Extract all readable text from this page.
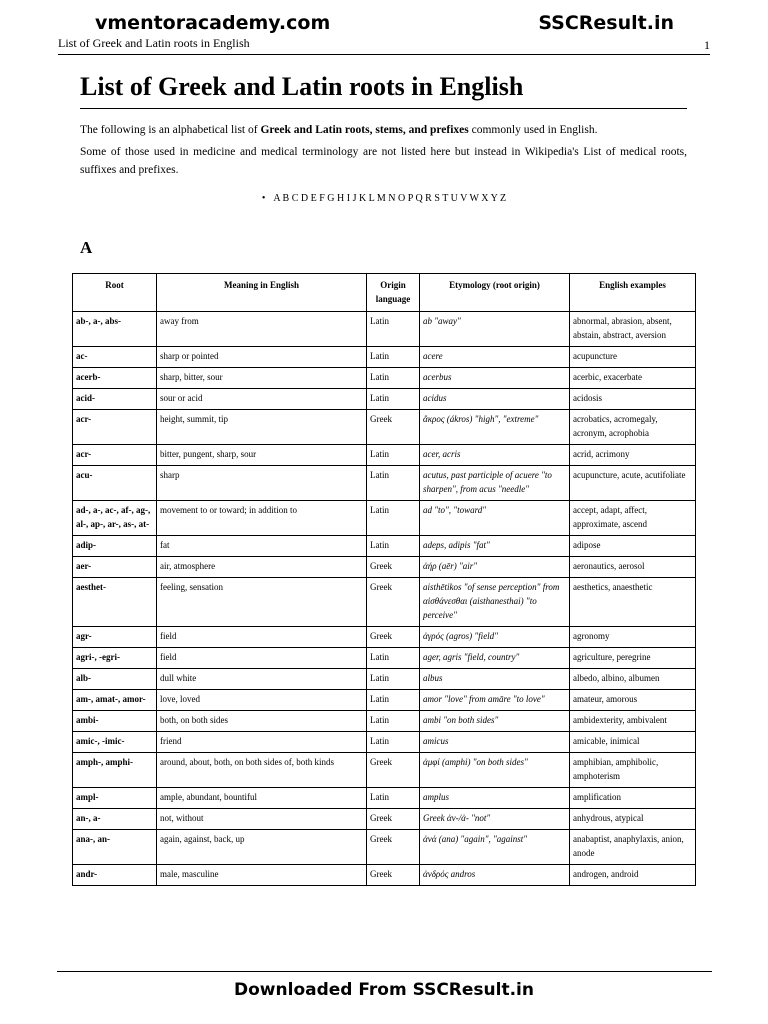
vmentoracademy.com	SSCResult.in
List of Greek and Latin roots in English	1
List of Greek and Latin roots in English

The following is an alphabetical list of Greek and Latin roots, stems, and prefixes commonly used in English.

Some of those used in medicine and medical terminology are not listed here but instead in Wikipedia's List of medical roots, suffixes and prefixes.

• A B C D E F G H I J K L M N O P Q R S T U V W X Y Z
A
Root	Meaning in English	Origin language	Etymology (root origin)	English examples
ab-, a-, abs-	away from	Latin	ab "away"	abnormal, abrasion, absent, abstain, abstract, aversion
ac-	sharp or pointed	Latin	acere	acupuncture
acerb-	sharp, bitter, sour	Latin	acerbus	acerbic, exacerbate
acid-	sour or acid	Latin	acidus	acidosis
acr-	height, summit, tip	Greek	ἄκρος (ákros) "high", "extreme"	acrobatics, acromegaly, acronym, acrophobia
acr-	bitter, pungent, sharp, sour	Latin	acer, acris	acrid, acrimony
acu-	sharp	Latin	acutus, past participle of acuere "to sharpen", from acus "needle"	acupuncture, acute, acutifoliate
ad-, a-, ac-, af-, ag-, al-, ap-, ar-, as-, at-	movement to or toward; in addition to	Latin	ad "to", "toward"	accept, adapt, affect, approximate, ascend
adip-	fat	Latin	adeps, adipis "fat"	adipose
aer-	air, atmosphere	Greek	ἀήρ (aēr) "air"	aeronautics, aerosol
aesthet-	feeling, sensation	Greek	aisthētikos "of sense perception" from αἰσθάνεσθαι (aisthanesthai) "to perceive"	aesthetics, anaesthetic
agr-	field	Greek	ἀγρός (agros) "field"	agronomy
agri-, -egri-	field	Latin	ager, agris "field, country"	agriculture, peregrine
alb-	dull white	Latin	albus	albedo, albino, albumen
am-, amat-, amor-	love, loved	Latin	amor "love" from amāre "to love"	amateur, amorous
ambi-	both, on both sides	Latin	ambi "on both sides"	ambidexterity, ambivalent
amic-, -imic-	friend	Latin	amicus	amicable, inimical
amph-, amphi-	around, about, both, on both sides of, both kinds	Greek	ἀμφί (amphi) "on both sides"	amphibian, amphibolic, amphoterism
ampl-	ample, abundant, bountiful	Latin	amplus	amplification
an-, a-	not, without	Greek	Greek ἀν-/ἀ- "not"	anhydrous, atypical
ana-, an-	again, against, back, up	Greek	ἀνά (ana) "again", "against"	anabaptist, anaphylaxis, anion, anode
andr-	male, masculine	Greek	ἀνδρός andros	androgen, android
Downloaded From SSCResult.in
